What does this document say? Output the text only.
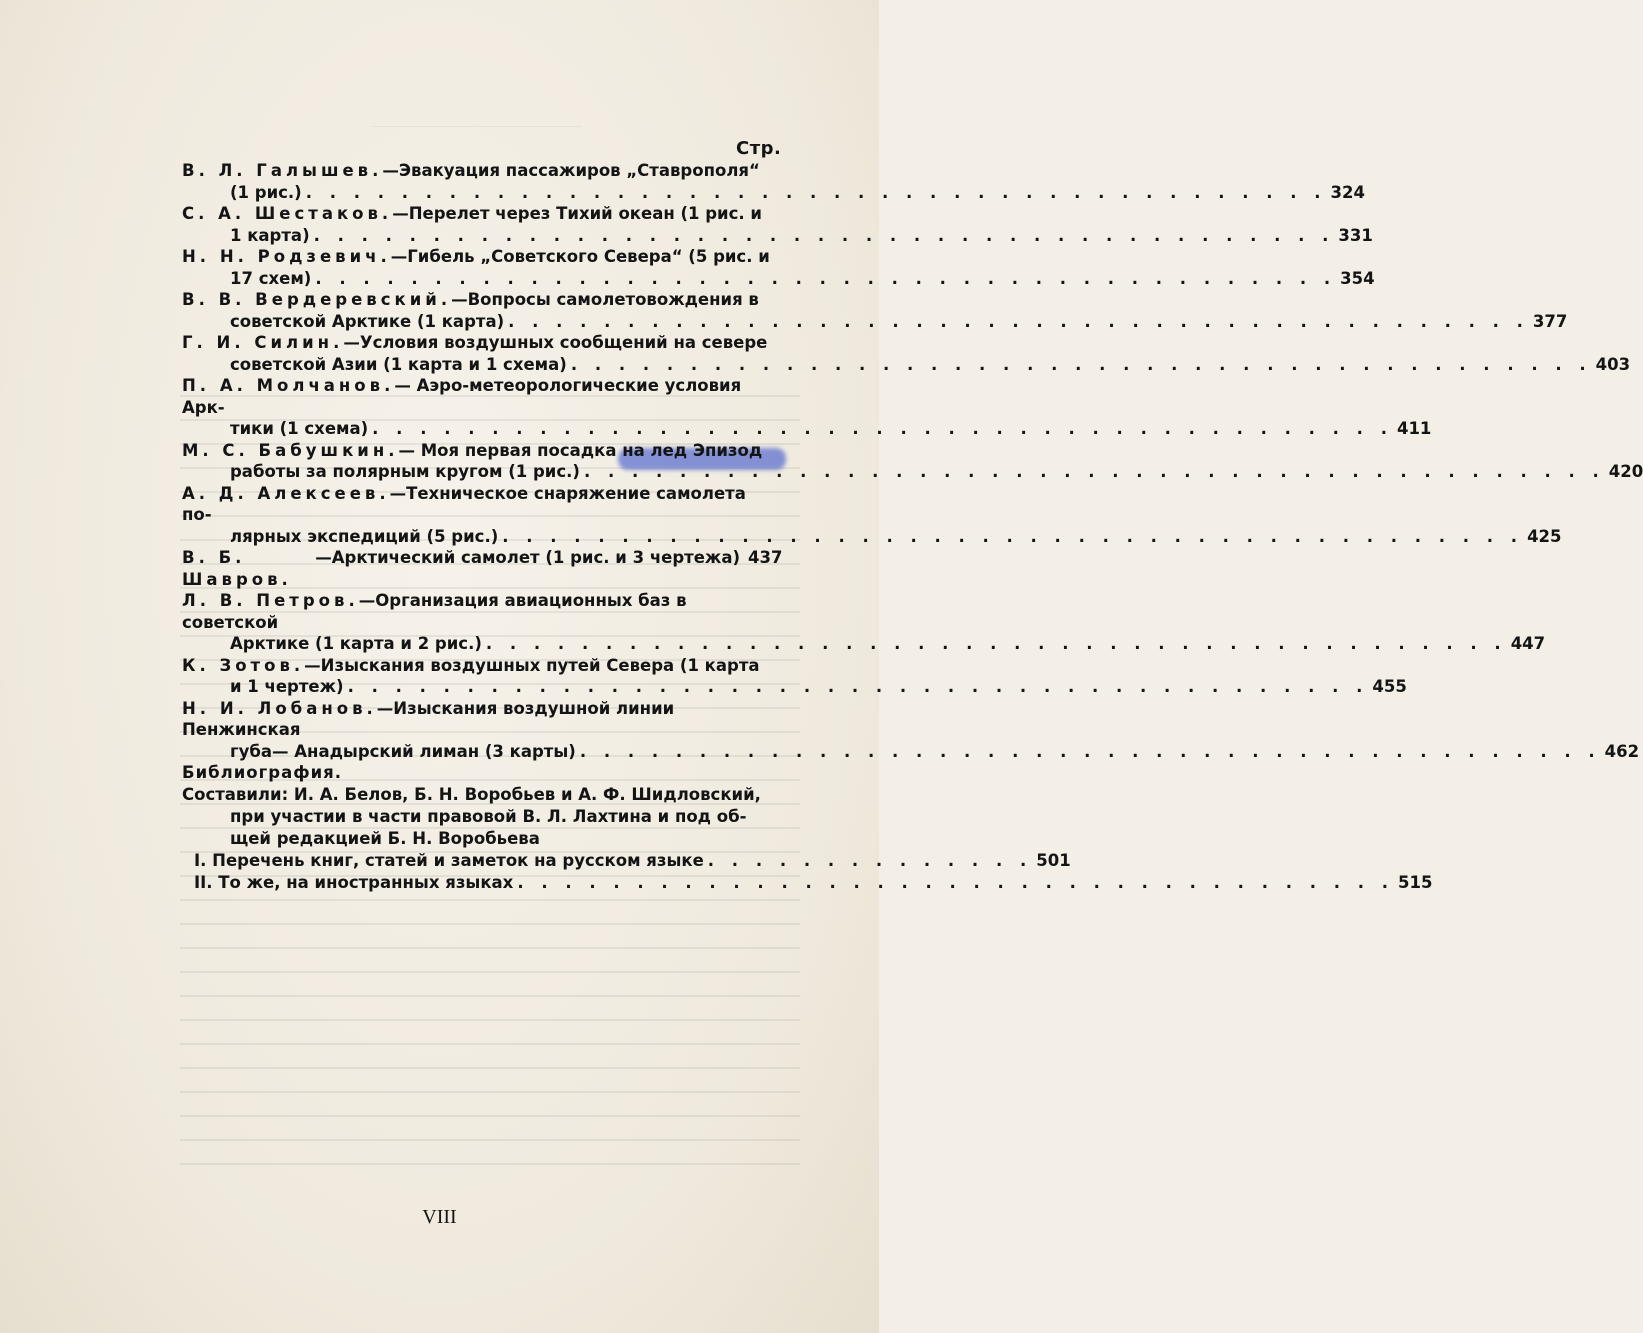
Стр.
В. Л. Галышев.—Эвакуация пассажиров „Ставрополя“
(1 рис.) . . . . . . . . . . . . . . . . . . . . . . . . . . . . . . . . . . . . . . . . . . . 324
С. А. Шестаков.—Перелет через Тихий океан (1 рис. и
1 карта) . . . . . . . . . . . . . . . . . . . . . . . . . . . . . . . . . . . . . . . . . . . 331
Н. Н. Родзевич.—Гибель „Советского Севера“ (5 рис. и
17 схем) . . . . . . . . . . . . . . . . . . . . . . . . . . . . . . . . . . . . . . . . . . . 354
В. В. Вердеревский.—Вопросы самолетовождения в
советской Арктике (1 карта) . . . . . . . . . . . . . . . . . . . . . . . . . . . . . . . . . . . . . . . . . . . 377
Г. И. Силин.—Условия воздушных сообщений на севере
советской Азии (1 карта и 1 схема) . . . . . . . . . . . . . . . . . . . . . . . . . . . . . . . . . . . . . . . . . . . 403
П. А. Молчанов.— Аэро-метеорологические условия Арк-
тики (1 схема) . . . . . . . . . . . . . . . . . . . . . . . . . . . . . . . . . . . . . . . . . . . 411
М. С. Бабушкин.— Моя первая посадка на лед Эпизод
работы за полярным кругом (1 рис.) . . . . . . . . . . . . . . . . . . . . . . . . . . . . . . . . . . . . . . . . . . . 420
А. Д. Алексеев.—Техническое снаряжение самолета по-
лярных экспедиций (5 рис.) . . . . . . . . . . . . . . . . . . . . . . . . . . . . . . . . . . . . . . . . . . . 425
В. Б. Шавров.
—Арктический самолет (1 рис. и 3 чертежа) 437
Л. В. Петров.—Организация авиационных баз в советской
Арктике (1 карта и 2 рис.) . . . . . . . . . . . . . . . . . . . . . . . . . . . . . . . . . . . . . . . . . . . 447
К. Зотов.—Изыскания воздушных путей Севера (1 карта
и 1 чертеж) . . . . . . . . . . . . . . . . . . . . . . . . . . . . . . . . . . . . . . . . . . . 455
Н. И. Лобанов.—Изыскания воздушной линии Пенжинская
губа— Анадырский лиман (3 карты) . . . . . . . . . . . . . . . . . . . . . . . . . . . . . . . . . . . . . . . . . . . 462
Библиография.
Составили: И. А. Белов, Б. Н. Воробьев и А. Ф. Шидловский,
при участии в части правовой В. Л. Лахтина и под об-
щей редакцией Б. Н. Воробьева
I. Перечень книг, статей и заметок на русском языке . . . . . . . . . . . . . . 501
II. То же, на иностранных языках . . . . . . . . . . . . . . . . . . . . . . . . . . . . . . . . . . . . . 515
VIII
